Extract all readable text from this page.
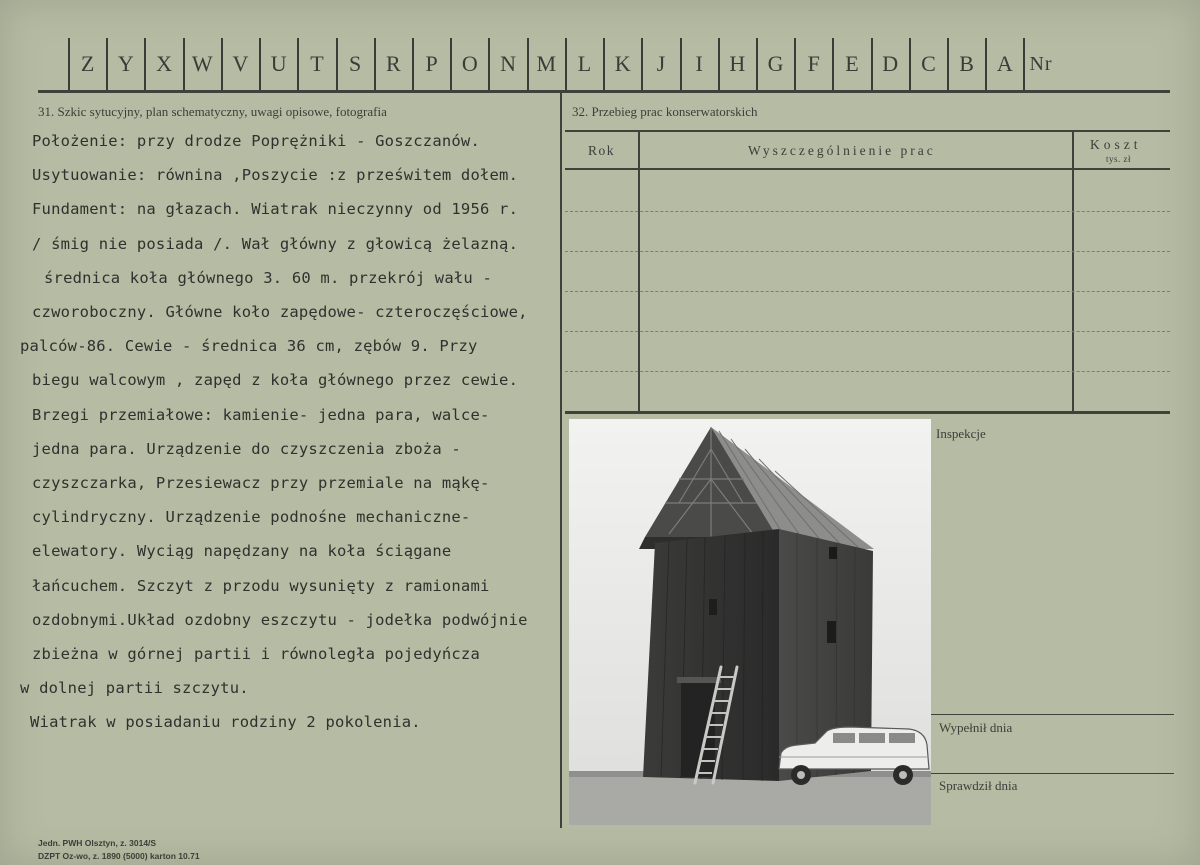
Z	Y X W V U	T	S	R	P	O N M L	K	J	I	H G	F	E	D C	B A Nr
31. Szkic sytucyjny, plan schematyczny, uwagi opisowe, fotografia
Położenie: przy drodze Poprężniki - Goszczanów.
Usytuowanie: równina ,Poszycie :z prześwitem dołem.
Fundament: na głazach. Wiatrak nieczynny od 1956 r.
/ śmig nie posiada /. Wał główny z głowicą żelazną.
średnica koła głównego 3. 60 m. przekrój wału -
czworoboczny. Główne koło zapędowe- czteroczęściowe,
palców-86. Cewie - średnica 36 cm, zębów 9. Przy
biegu walcowym , zapęd z koła głównego przez cewie.
Brzegi przemiałowe: kamienie- jedna para, walce-
jedna para. Urządzenie do czyszczenia zboża -
czyszczarka, Przesiewacz przy przemiale na mąkę-
cylindryczny. Urządzenie podnośne mechaniczne-
elewatory. Wyciąg napędzany na koła ściągane
łańcuchem. Szczyt z przodu wysunięty z ramionami
ozdobnymi.Układ ozdobny eszczytu - jodełka podwójnie
zbieżna w górnej partii i równoległa pojedyńcza
w dolnej partii szczytu.
Wiatrak w posiadaniu rodziny 2 pokolenia.
32. Przebieg prac konserwatorskich
Rok	Wyszczególnienie prac	Koszt
tys. zł
Inspekcje
Wypełnił dnia
Sprawdził dnia
Jedn. PWH Olsztyn, z. 3014/S
DZPT Oz-wo, z. 1890 (5000) karton 10.71
